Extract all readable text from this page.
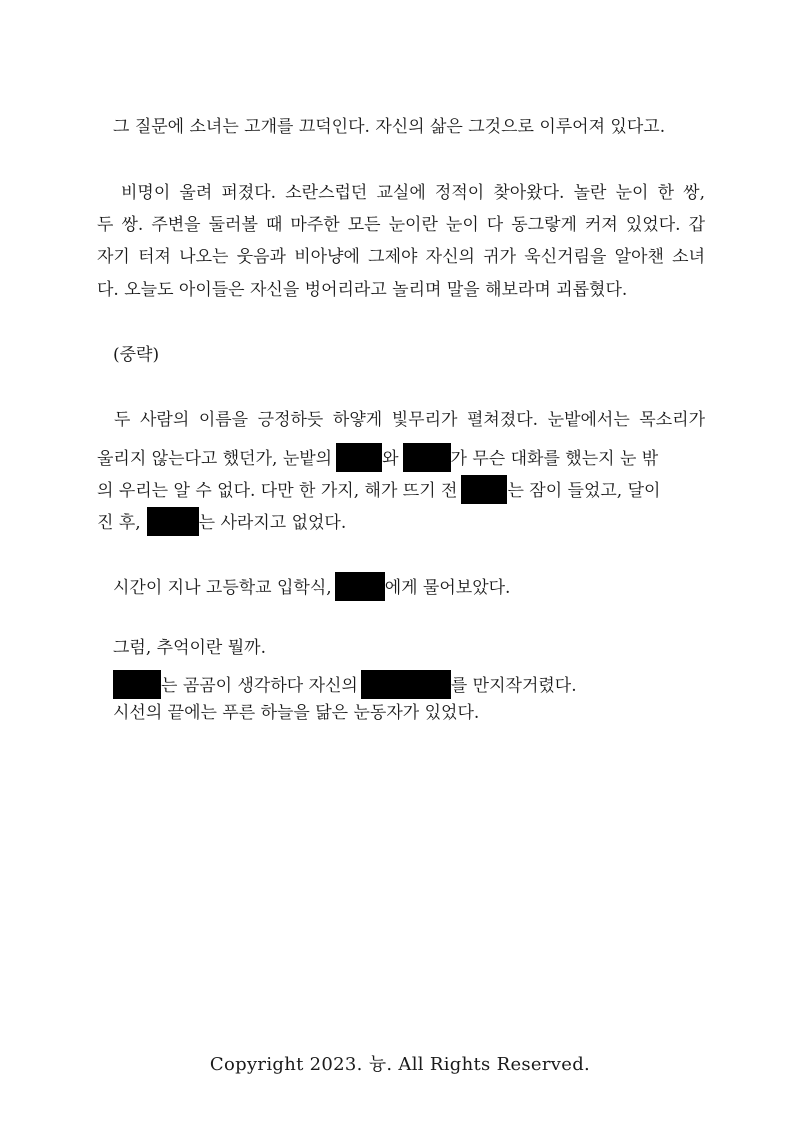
그 질문에 소녀는 고개를 끄덕인다. 자신의 삶은 그것으로 이루어져 있다고.
비명이 울려 퍼졌다. 소란스럽던 교실에 정적이 찾아왔다. 놀란 눈이 한 쌍,
두 쌍. 주변을 둘러볼 때 마주한 모든 눈이란 눈이 다 동그랗게 커져 있었다. 갑
자기 터져 나오는 웃음과 비아냥에 그제야 자신의 귀가 욱신거림을 알아챈 소녀
다. 오늘도 아이들은 자신을 벙어리라고 놀리며 말을 해보라며 괴롭혔다.
(중략)
두 사람의 이름을 긍정하듯 하얗게 빛무리가 펼쳐졌다. 눈밭에서는 목소리가
울리지 않는다고 했던가, 눈밭의	와	가 무슨 대화를 했는지 눈 밖
의 우리는 알 수 없다. 다만 한 가지, 해가 뜨기 전	는 잠이 들었고, 달이
진 후,	는 사라지고 없었다.
시간이 지나 고등학교 입학식,	에게 물어보았다.
그럼, 추억이란 뭘까.
는 곰곰이 생각하다 자신의	를 만지작거렸다.
시선의 끝에는 푸른 하늘을 닮은 눈동자가 있었다.
Copyright 2023. 늉. All Rights Reserved.
